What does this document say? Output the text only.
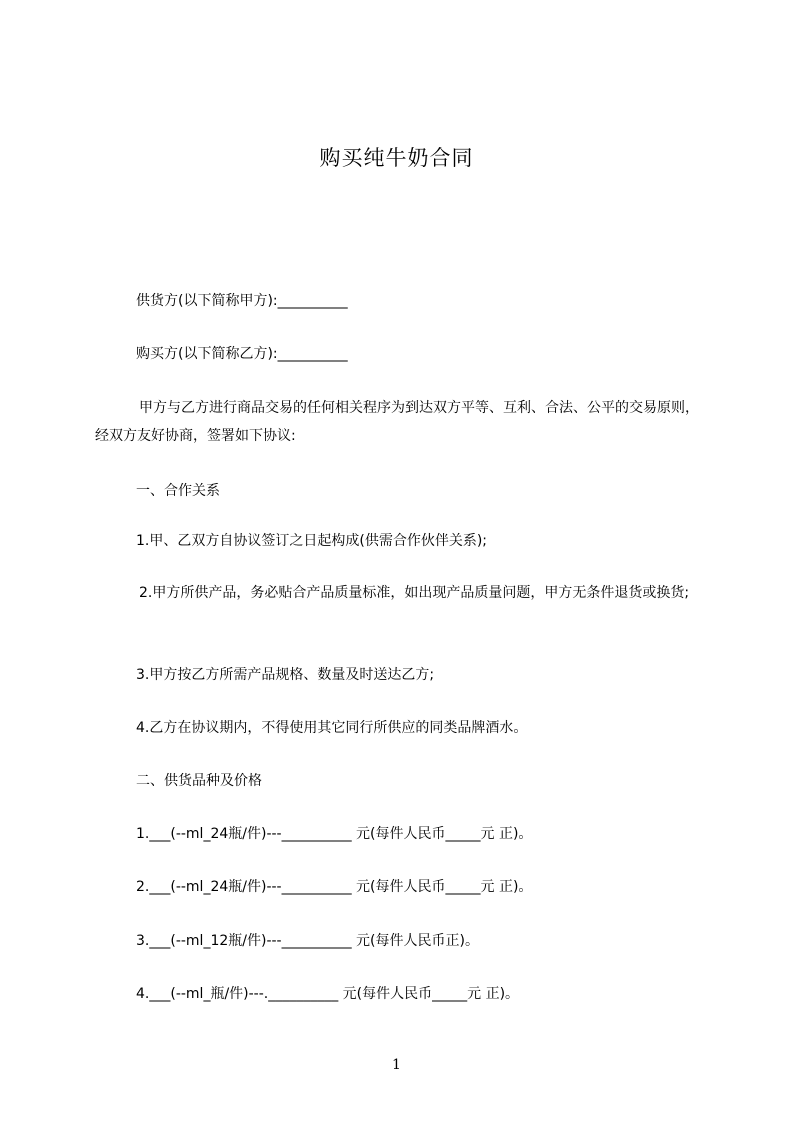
购买纯牛奶合同
供货方(以下简称甲方):__________
购买方(以下简称乙方):__________
甲方与乙方进行商品交易的任何相关程序为到达双方平等、互利、合法、公平的交易原则，经双方友好协商，签署如下协议:
一、合作关系
1.甲、乙双方自协议签订之日起构成(供需合作伙伴关系);
2.甲方所供产品，务必贴合产品质量标准，如出现产品质量问题，甲方无条件退货或换货;
3.甲方按乙方所需产品规格、数量及时送达乙方;
4.乙方在协议期内，不得使用其它同行所供应的同类品牌酒水。
二、供货品种及价格
1.___(--ml_24瓶/件)---__________ 元(每件人民币_____元 正)。
2.___(--ml_24瓶/件)---__________ 元(每件人民币_____元 正)。
3.___(--ml_12瓶/件)---__________ 元(每件人民币正)。
4.___(--ml_瓶/件)---.__________ 元(每件人民币_____元 正)。
1
